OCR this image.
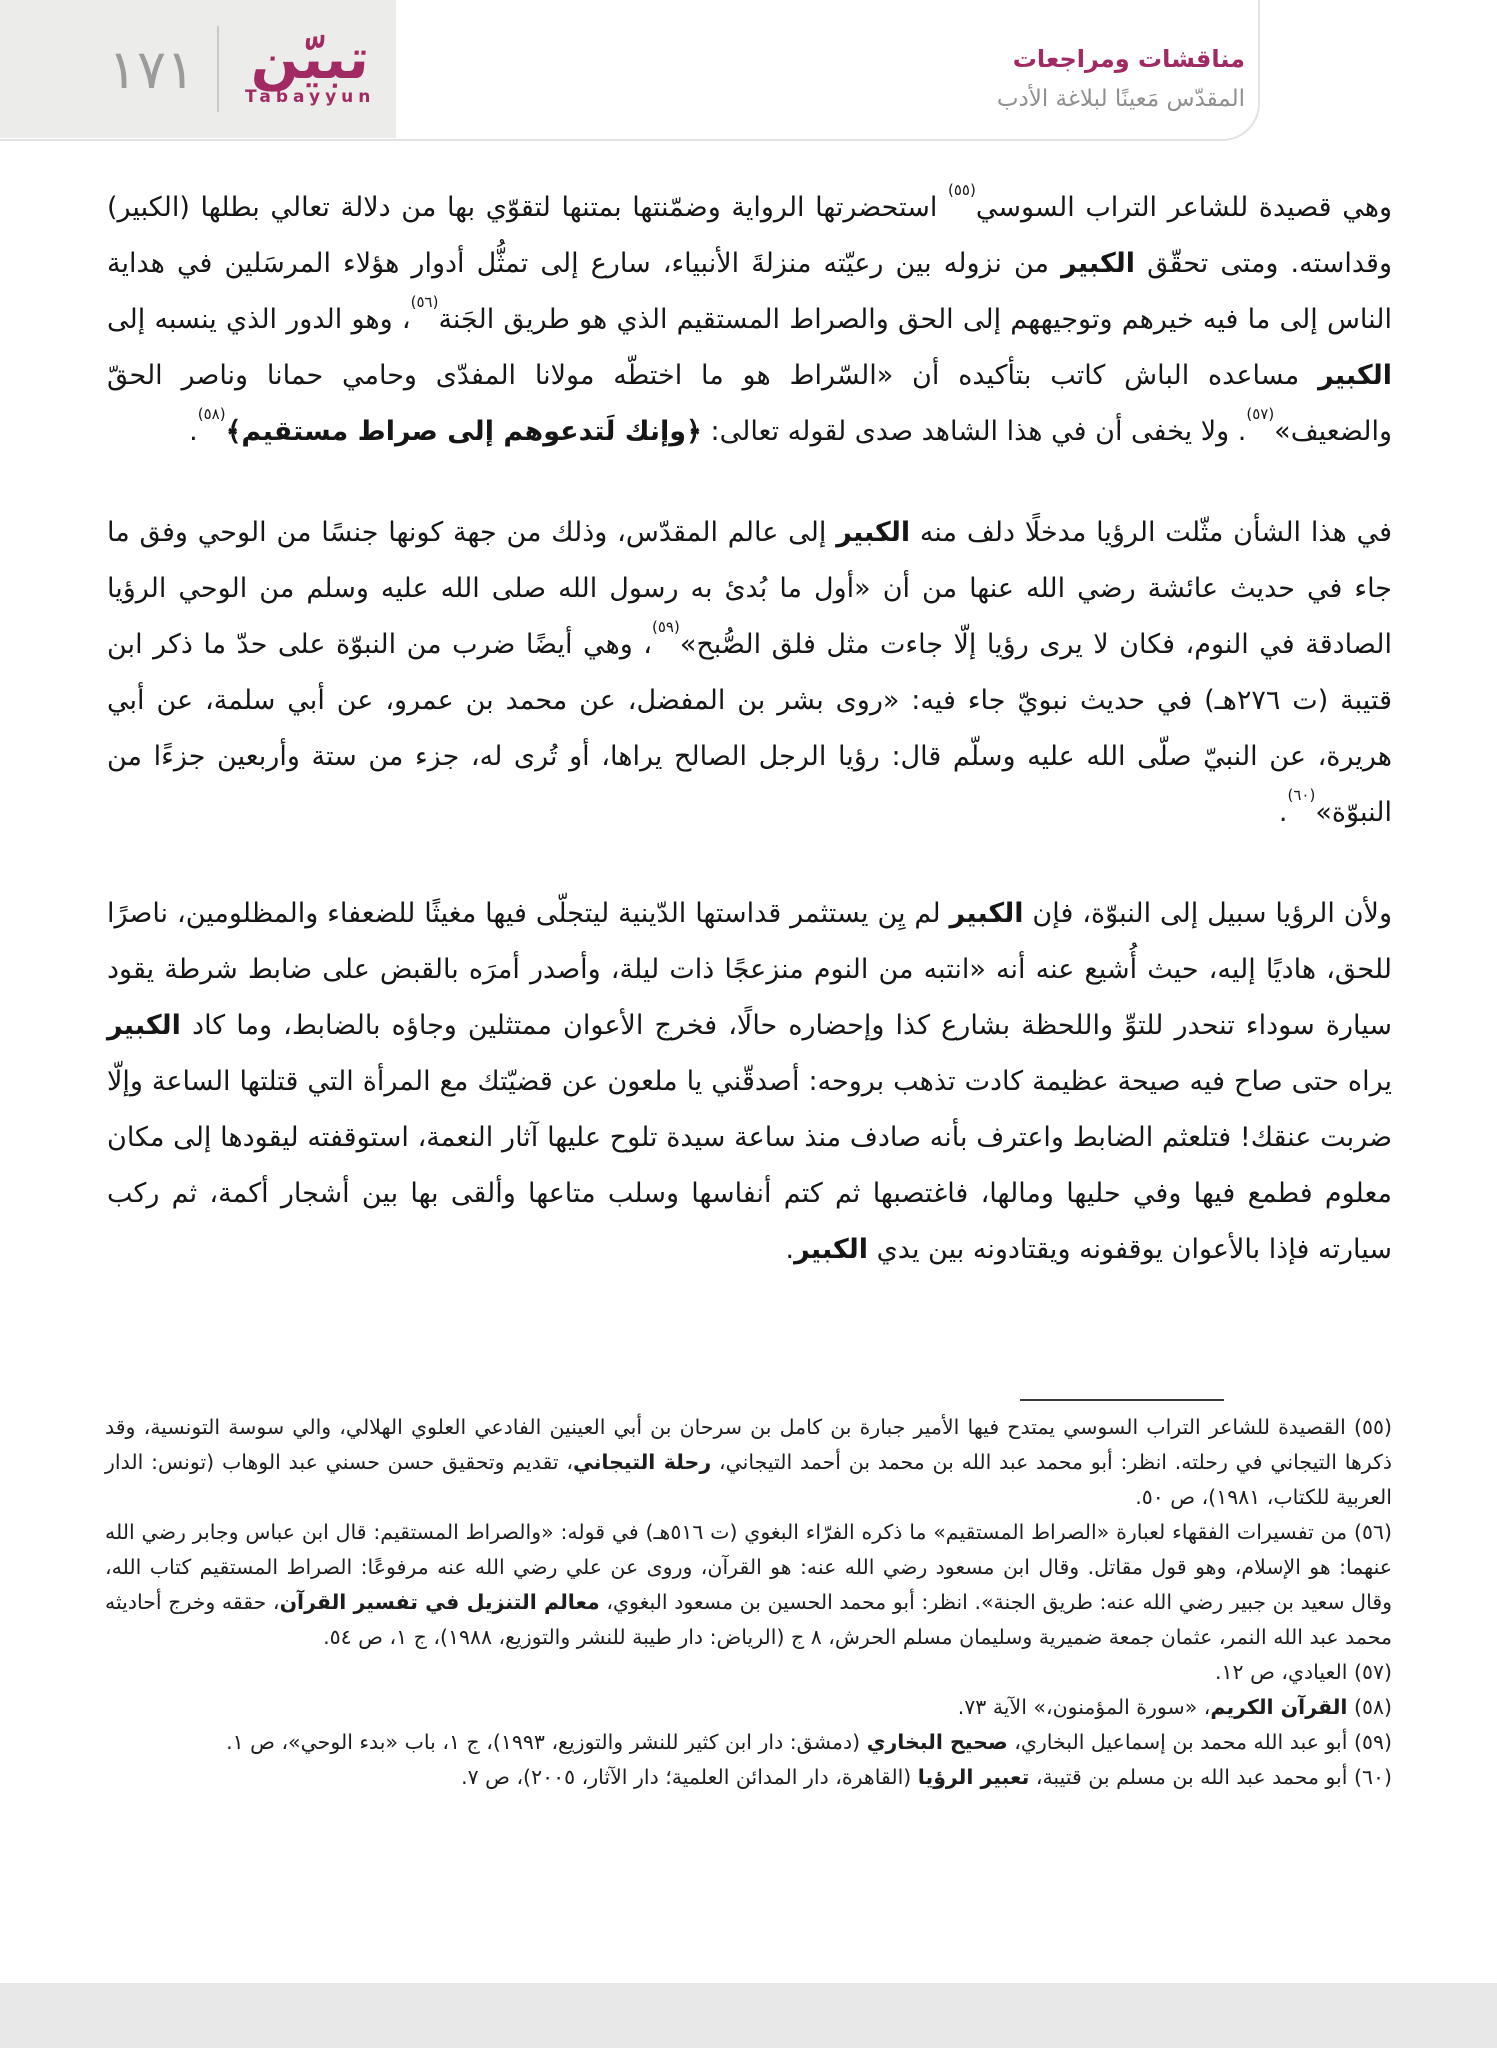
١٧١ تبيّن
Tabayyun
مناقشات ومراجعات
المقدّس مَعينًا لبلاغة الأدب

وهي قصيدة للشاعر التراب السوسي$^{(٥٥)}$ استحضرتها الرواية وضمّنتها بمتنها لتقوّي بها من دلالة تعالي بطلها (الكبير) وقداسته. ومتى تحقّق الكبير من نزوله بين رعيّته منزلةَ الأنبياء، سارع إلى تمثُّل أدوار هؤلاء المرسَلين في هداية الناس إلى ما فيه خيرهم وتوجيههم إلى الحق والصراط المستقيم الذي هو طريق الجَنة$^{(٥٦)}$، وهو الدور الذي ينسبه إلى الكبير مساعده الباش كاتب بتأكيده أن «السّراط هو ما اختطّه مولانا المفدّى وحامي حمانا وناصر الحقّ والضعيف»$^{(٥٧)}$. ولا يخفى أن في هذا الشاهد صدى لقوله تعالى: ﴿وإنك لَتدعوهم إلى صراط مستقيم﴾$^{(٥٨)}$.

في هذا الشأن مثّلت الرؤيا مدخلًا دلف منه الكبير إلى عالم المقدّس، وذلك من جهة كونها جنسًا من الوحي وفق ما جاء في حديث عائشة رضي الله عنها من أن «أول ما بُدئ به رسول الله صلى الله عليه وسلم من الوحي الرؤيا الصادقة في النوم، فكان لا يرى رؤيا إلّا جاءت مثل فلق الصُّبح»$^{(٥٩)}$، وهي أيضًا ضرب من النبوّة على حدّ ما ذكر ابن قتيبة (ت ٢٧٦هـ) في حديث نبويّ جاء فيه: «روى بشر بن المفضل، عن محمد بن عمرو، عن أبي سلمة، عن أبي هريرة، عن النبيّ صلّى الله عليه وسلّم قال: رؤيا الرجل الصالح يراها، أو تُرى له، جزء من ستة وأربعين جزءًا من النبوّة»$^{(٦٠)}$.

ولأن الرؤيا سبيل إلى النبوّة، فإن الكبير لم يِن يستثمر قداستها الدّينية ليتجلّى فيها مغيثًا للضعفاء والمظلومين، ناصرًا للحق، هاديًا إليه، حيث أُشيع عنه أنه «انتبه من النوم منزعجًا ذات ليلة، وأصدر أمرَه بالقبض على ضابط شرطة يقود سيارة سوداء تنحدر للتوِّ واللحظة بشارع كذا وإحضاره حالًا، فخرج الأعوان ممتثلين وجاؤه بالضابط، وما كاد الكبير يراه حتى صاح فيه صيحة عظيمة كادت تذهب بروحه: أصدقّني يا ملعون عن قضيّتك مع المرأة التي قتلتها الساعة وإلّا ضربت عنقك! فتلعثم الضابط واعترف بأنه صادف منذ ساعة سيدة تلوح عليها آثار النعمة، استوقفته ليقودها إلى مكان معلوم فطمع فيها وفي حليها ومالها، فاغتصبها ثم كتم أنفاسها وسلب متاعها وألقى بها بين أشجار أكمة، ثم ركب سيارته فإذا بالأعوان يوقفونه ويقتادونه بين يدي الكبير.

(٥٥) القصيدة للشاعر التراب السوسي يمتدح فيها الأمير جبارة بن كامل بن سرحان بن أبي العينين الفادعي العلوي الهلالي، والي سوسة التونسية، وقد ذكرها التيجاني في رحلته. انظر: أبو محمد عبد الله بن محمد بن أحمد التيجاني، رحلة التيجاني، تقديم وتحقيق حسن حسني عبد الوهاب (تونس: الدار العربية للكتاب، ١٩٨١)، ص ٥٠.

(٥٦) من تفسيرات الفقهاء لعبارة «الصراط المستقيم» ما ذكره الفرّاء البغوي (ت ٥١٦هـ) في قوله: «والصراط المستقيم: قال ابن عباس وجابر رضي الله عنهما: هو الإسلام، وهو قول مقاتل. وقال ابن مسعود رضي الله عنه: هو القرآن، وروى عن علي رضي الله عنه مرفوعًا: الصراط المستقيم كتاب الله، وقال سعيد بن جبير رضي الله عنه: طريق الجنة». انظر: أبو محمد الحسين بن مسعود البغوي، معالم التنزيل في تفسير القرآن، حققه وخرج أحاديثه محمد عبد الله النمر، عثمان جمعة ضميرية وسليمان مسلم الحرش، ٨ ج (الرياض: دار طيبة للنشر والتوزيع، ١٩٨٨)، ج ١، ص ٥٤.

(٥٧) العيادي، ص ١٢.

(٥٨) القرآن الكريم، «سورة المؤمنون،» الآية ٧٣.

(٥٩) أبو عبد الله محمد بن إسماعيل البخاري، صحيح البخاري (دمشق: دار ابن كثير للنشر والتوزيع، ١٩٩٣)، ج ١، باب «بدء الوحي»، ص ١.

(٦٠) أبو محمد عبد الله بن مسلم بن قتيبة، تعبير الرؤيا (القاهرة، دار المدائن العلمية؛ دار الآثار، ٢٠٠٥)، ص ٧.
